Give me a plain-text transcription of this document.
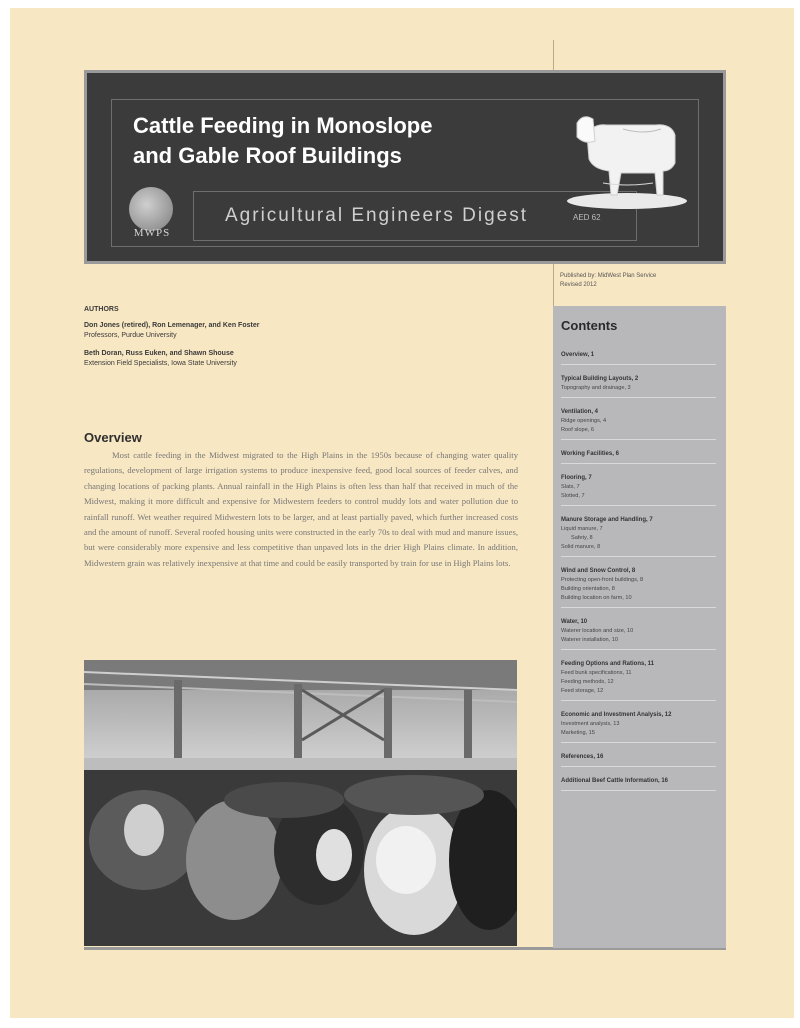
Cattle Feeding in Monoslope
and Gable Roof Buildings
MWPS
Agricultural Engineers Digest	AED 62
Published by: MidWest Plan Service
Revised 2012
AUTHORS
Don Jones (retired), Ron Lemenager, and Ken Foster
Professors, Purdue University
Beth Doran, Russ Euken, and Shawn Shouse
Extension Field Specialists, Iowa State University
Overview
Most cattle feeding in the Midwest migrated to the High Plains in the 1950s because of changing water quality regulations, development of large irrigation systems to produce inexpensive feed, good local sources of feeder calves, and changing locations of packing plants. Annual rainfall in the High Plains is often less than half that received in much of the Midwest, making it more difficult and expensive for Midwestern feeders to control muddy lots and water pollution due to rainfall runoff. Wet weather required Midwestern lots to be larger, and at least partially paved, which further increased costs and the amount of runoff. Several roofed housing units were constructed in the early 70s to deal with mud and manure issues, but were considerably more expensive and less competitive than unpaved lots in the drier High Plains climate. In addition, Midwestern grain was relatively inexpensive at that time and could be easily transported by train for use in High Plains lots.
Contents
Overview, 1
Typical Building Layouts, 2
Topography and drainage, 3
Ventilation, 4
Ridge openings, 4
Roof slope, 6
Working Facilities, 6
Flooring, 7
Slats, 7
Slotted, 7
Manure Storage and Handling, 7
Liquid manure, 7
Safety, 8
Solid manure, 8
Wind and Snow Control, 8
Protecting open-front buildings, 8
Building orientation, 8
Building location on farm, 10
Water, 10
Waterer location and size, 10
Waterer installation, 10
Feeding Options and Rations, 11
Feed bunk specifications, 11
Feeding methods, 12
Feed storage, 12
Economic and Investment Analysis, 12
Investment analysis, 13
Marketing, 15
References, 16
Additional Beef Cattle Information, 16
